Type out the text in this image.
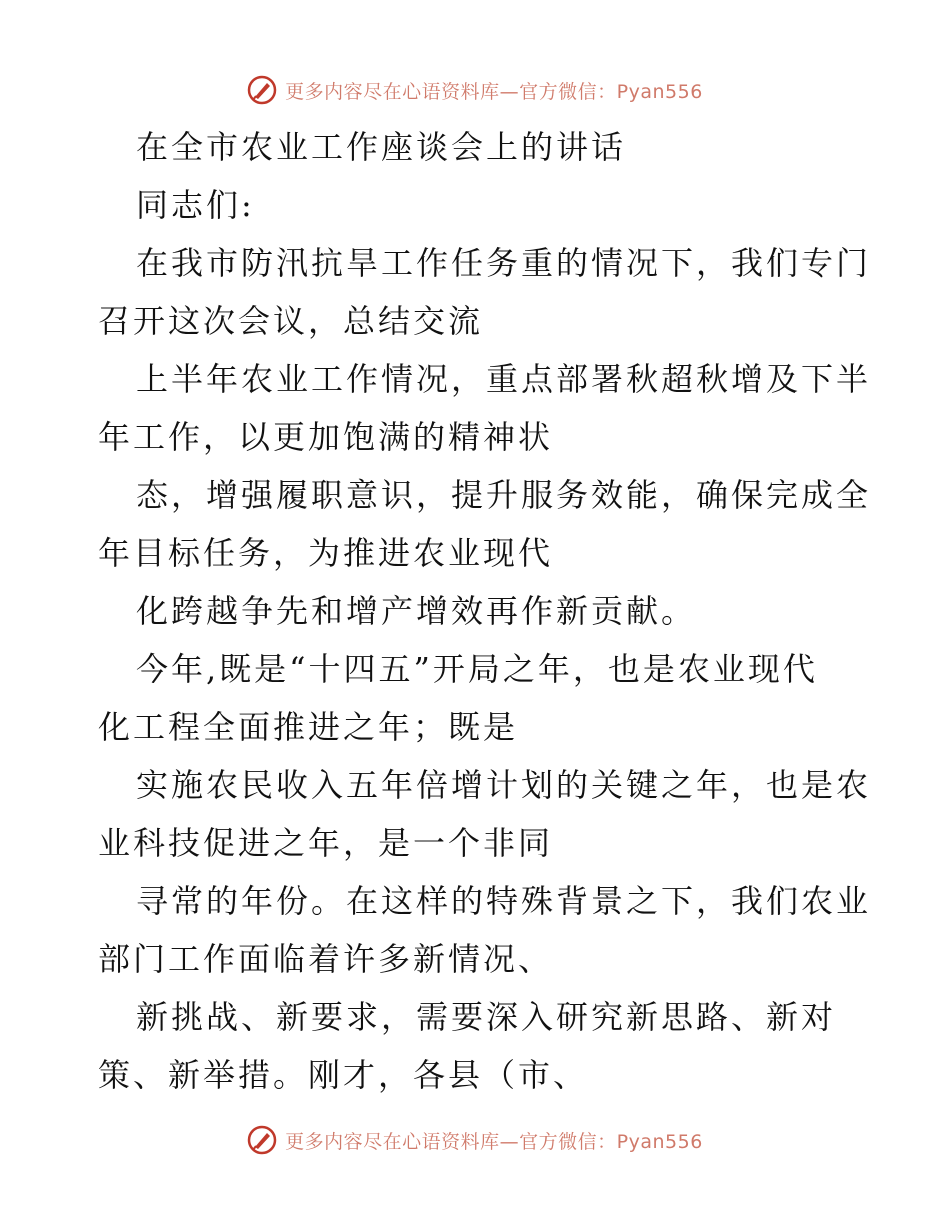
更多内容尽在心语资料库—官方微信：Pyan556
在全市农业工作座谈会上的讲话
同志们:
在我市防汛抗旱工作任务重的情况下，我们专门
召开这次会议，总结交流
上半年农业工作情况，重点部署秋超秋增及下半
年工作，以更加饱满的精神状
态，增强履职意识，提升服务效能，确保完成全
年目标任务，为推进农业现代
化跨越争先和增产增效再作新贡献。
今年,既是“十四五”开局之年，也是农业现代
化工程全面推进之年；既是
实施农民收入五年倍增计划的关键之年，也是农
业科技促进之年，是一个非同
寻常的年份。在这样的特殊背景之下，我们农业
部门工作面临着许多新情况、
新挑战、新要求，需要深入研究新思路、新对
策、新举措。刚才，各县（市、
更多内容尽在心语资料库—官方微信：Pyan556
